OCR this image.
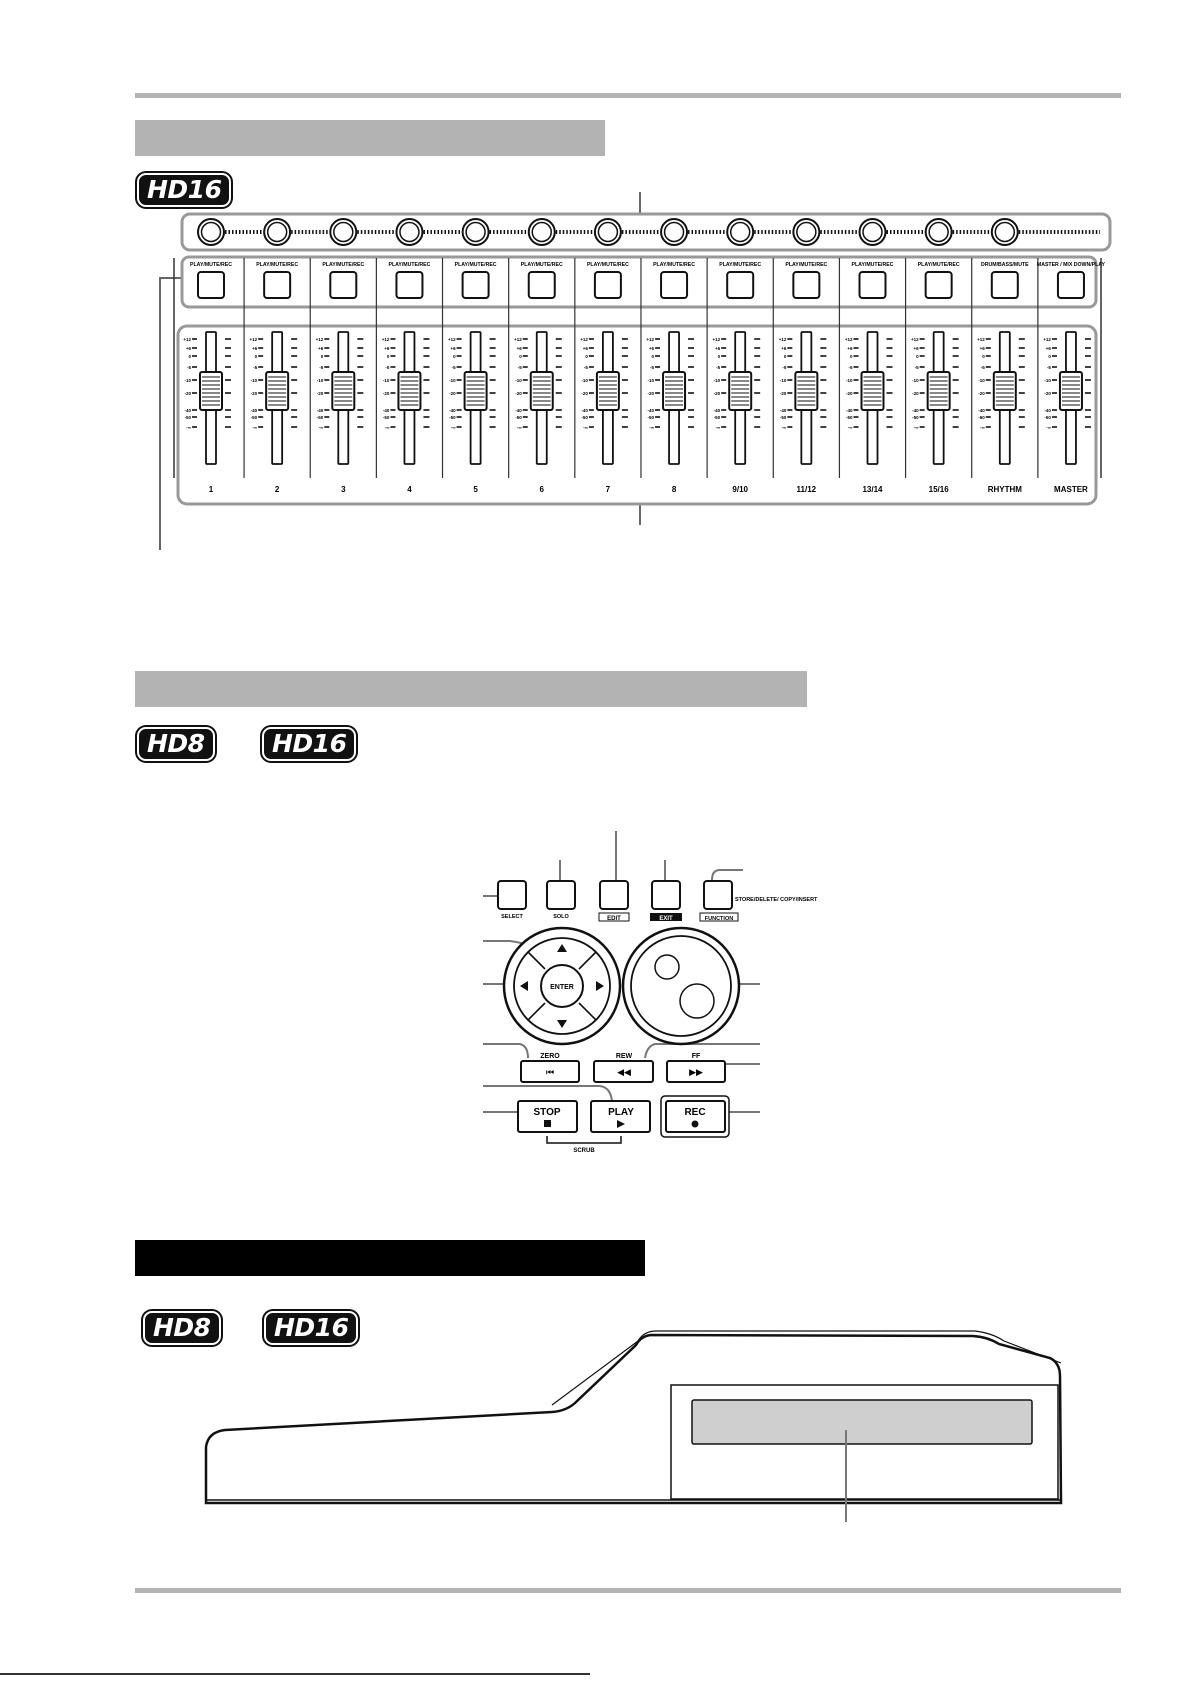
HD16
HD8	HD16
HD8	HD16
PLAY/MUTE/REC
+12
+6
0
-5
-10
-20
-40
-50
-∞
1
PLAY/MUTE/REC
+12
+6
0
-5
-10
-20
-40
-50
-∞
2
PLAY/MUTE/REC
+12
+6
0
-5
-10
-20
-40
-50
-∞
3
PLAY/MUTE/REC
+12
+6
0
-5
-10
-20
-40
-50
-∞
4
PLAY/MUTE/REC
+12
+6
0
-5
-10
-20
-40
-50
-∞
5
PLAY/MUTE/REC
+12
+6
0
-5
-10
-20
-40
-50
-∞
6
PLAY/MUTE/REC
+12
+6
0
-5
-10
-20
-40
-50
-∞
7
PLAY/MUTE/REC
+12
+6
0
-5
-10
-20
-40
-50
-∞
8
PLAY/MUTE/REC
+12
+6
0
-5
-10
-20
-40
-50
-∞
9/10
PLAY/MUTE/REC
+12
+6
0
-5
-10
-20
-40
-50
-∞
11/12
PLAY/MUTE/REC
+12
+6
0
-5
-10
-20
-40
-50
-∞
13/14
PLAY/MUTE/REC
+12
+6
0
-5
-10
-20
-40
-50
-∞
15/16
DRUM/BASS/MUTE
+12
+6
0
-5
-10
-20
-40
-50
-∞
RHYTHM
MASTER / MIX DOWN/PLAY
+12
+6
0
-5
-10
-20
-40
-50
-∞
MASTER
SELECT	SOLO	EDIT	EXIT
STORE/DELETE/ COPY/INSERT
FUNCTION
ENTER
ZERO
⏮
REW
◀◀
FF
▶▶
STOP	PLAY	REC
SCRUB
